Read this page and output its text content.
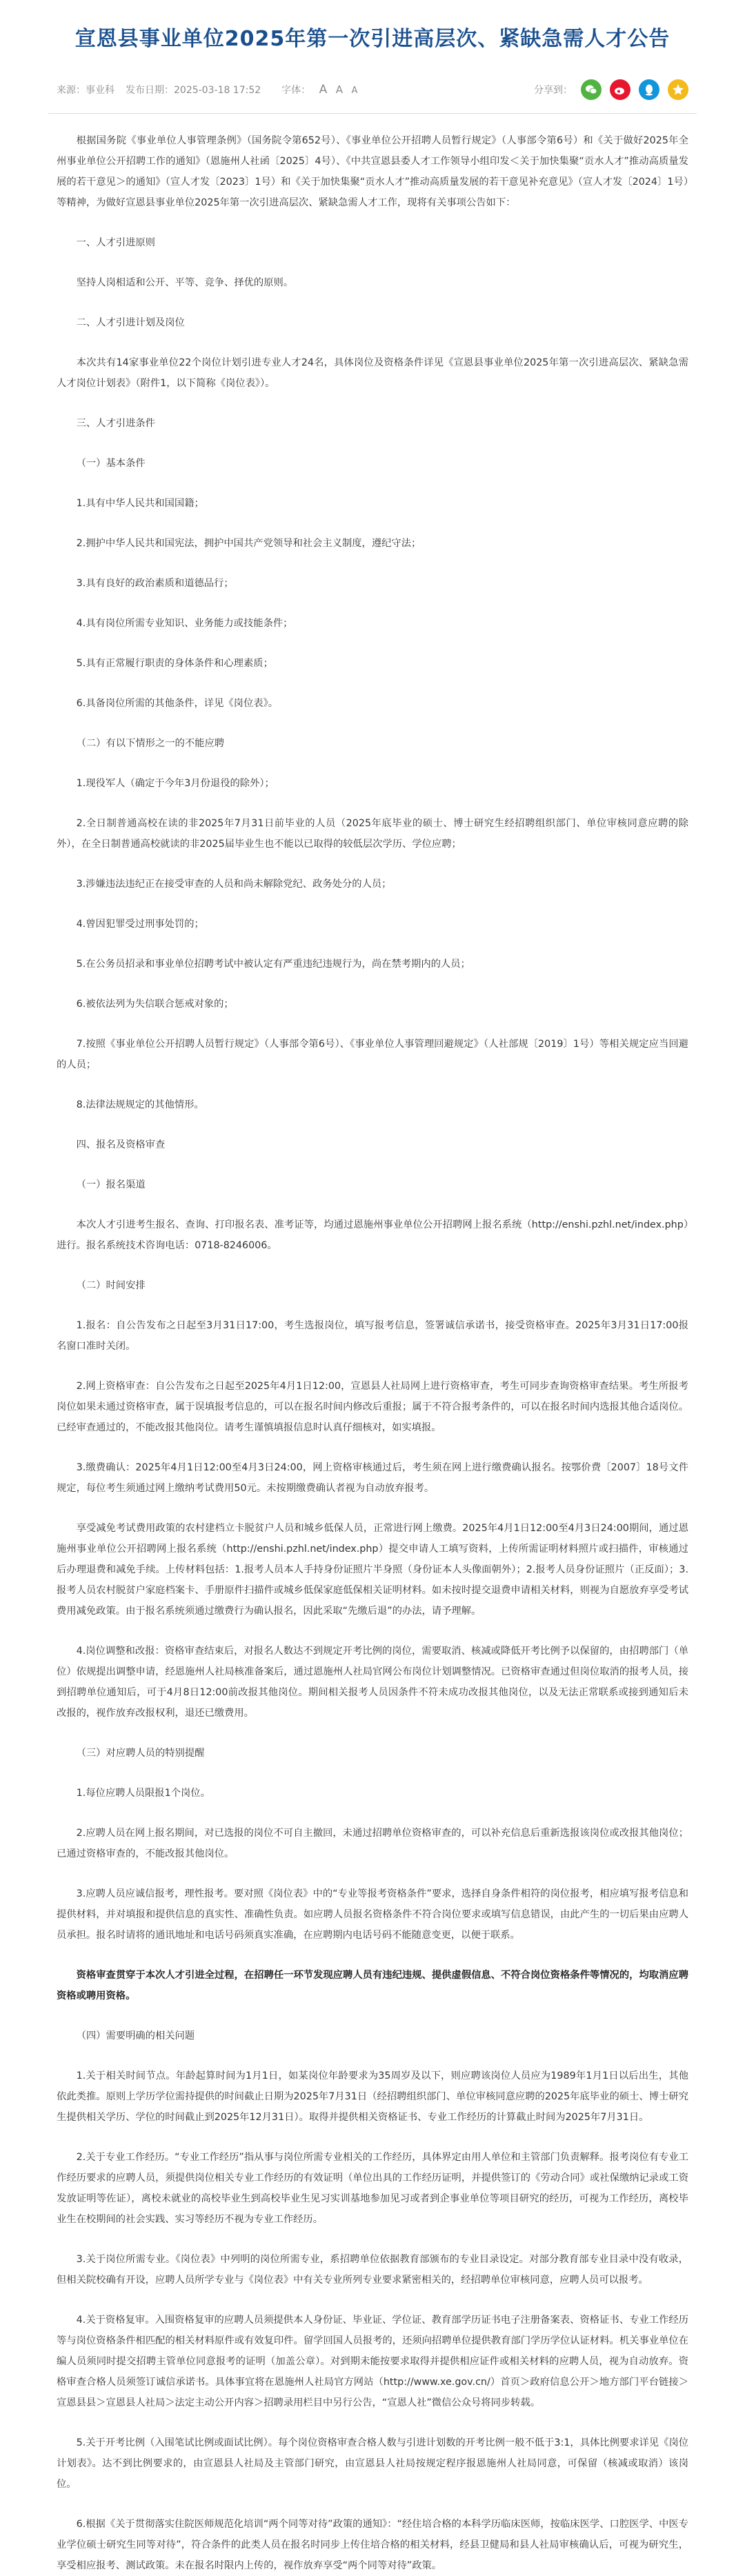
宣恩县事业单位2025年第一次引进高层次、紧缺急需人才公告
来源：事业科 发布日期：2025-03-18 17:52 字体： A A A	分享到：

根据国务院《事业单位人事管理条例》（国务院令第652号）、《事业单位公开招聘人员暂行规定》（人事部令第6号）和《关于做好2025年全州事业单位公开招聘工作的通知》（恩施州人社函〔2025〕4号）、《中共宣恩县委人才工作领导小组印发＜关于加快集聚“贡水人才”推动高质量发展的若干意见＞的通知》（宣人才发〔2023〕1号）和《关于加快集聚“贡水人才”推动高质量发展的若干意见补充意见》（宣人才发〔2024〕1号）等精神，为做好宣恩县事业单位2025年第一次引进高层次、紧缺急需人才工作，现将有关事项公告如下：

一、人才引进原则

坚持人岗相适和公开、平等、竞争、择优的原则。

二、人才引进计划及岗位

本次共有14家事业单位22个岗位计划引进专业人才24名，具体岗位及资格条件详见《宣恩县事业单位2025年第一次引进高层次、紧缺急需人才岗位计划表》（附件1，以下简称《岗位表》）。

三、人才引进条件

（一）基本条件

1.具有中华人民共和国国籍；

2.拥护中华人民共和国宪法，拥护中国共产党领导和社会主义制度，遵纪守法；

3.具有良好的政治素质和道德品行；

4.具有岗位所需专业知识、业务能力或技能条件；

5.具有正常履行职责的身体条件和心理素质；

6.具备岗位所需的其他条件，详见《岗位表》。

（二）有以下情形之一的不能应聘

1.现役军人（确定于今年3月份退役的除外）；

2.全日制普通高校在读的非2025年7月31日前毕业的人员（2025年底毕业的硕士、博士研究生经招聘组织部门、单位审核同意应聘的除外），在全日制普通高校就读的非2025届毕业生也不能以已取得的较低层次学历、学位应聘；

3.涉嫌违法违纪正在接受审查的人员和尚未解除党纪、政务处分的人员；

4.曾因犯罪受过刑事处罚的；

5.在公务员招录和事业单位招聘考试中被认定有严重违纪违规行为，尚在禁考期内的人员；

6.被依法列为失信联合惩戒对象的；

7.按照《事业单位公开招聘人员暂行规定》（人事部令第6号）、《事业单位人事管理回避规定》（人社部规〔2019〕1号）等相关规定应当回避的人员；

8.法律法规规定的其他情形。

四、报名及资格审查

（一）报名渠道

本次人才引进考生报名、查询、打印报名表、准考证等，均通过恩施州事业单位公开招聘网上报名系统（http://enshi.pzhl.net/index.php）进行。报名系统技术咨询电话：0718-8246006。

（二）时间安排

1.报名：自公告发布之日起至3月31日17:00，考生选报岗位，填写报考信息，签署诚信承诺书，接受资格审查。2025年3月31日17:00报名窗口准时关闭。

2.网上资格审查：自公告发布之日起至2025年4月1日12:00，宣恩县人社局网上进行资格审查，考生可同步查询资格审查结果。考生所报考岗位如果未通过资格审查，属于误填报考信息的，可以在报名时间内修改后重报；属于不符合报考条件的，可以在报名时间内选报其他合适岗位。已经审查通过的，不能改报其他岗位。请考生谨慎填报信息时认真仔细核对，如实填报。

3.缴费确认：2025年4月1日12:00至4月3日24:00，网上资格审核通过后，考生须在网上进行缴费确认报名。按鄂价费〔2007〕18号文件规定，每位考生须通过网上缴纳考试费用50元。未按期缴费确认者视为自动放弃报考。

享受减免考试费用政策的农村建档立卡脱贫户人员和城乡低保人员，正常进行网上缴费。2025年4月1日12:00至4月3日24:00期间，通过恩施州事业单位公开招聘网上报名系统（http://enshi.pzhl.net/index.php）提交申请人工填写资料，上传所需证明材料照片或扫描件，审核通过后办理退费和减免手续。上传材料包括：1.报考人员本人手持身份证照片半身照（身份证本人头像面朝外）；2.报考人员身份证照片（正反面）；3.报考人员农村脱贫户家庭档案卡、手册原件扫描件或城乡低保家庭低保相关证明材料。如未按时提交退费申请相关材料，则视为自愿放弃享受考试费用减免政策。由于报名系统须通过缴费行为确认报名，因此采取“先缴后退”的办法，请予理解。

4.岗位调整和改报：资格审查结束后，对报名人数达不到规定开考比例的岗位，需要取消、核减或降低开考比例予以保留的，由招聘部门（单位）依规提出调整申请，经恩施州人社局核准备案后，通过恩施州人社局官网公布岗位计划调整情况。已资格审查通过但岗位取消的报考人员，接到招聘单位通知后，可于4月8日12:00前改报其他岗位。期间相关报考人员因条件不符未成功改报其他岗位，以及无法正常联系或接到通知后未改报的，视作放弃改报权利，退还已缴费用。

（三）对应聘人员的特别提醒

1.每位应聘人员限报1个岗位。

2.应聘人员在网上报名期间，对已选报的岗位不可自主撤回，未通过招聘单位资格审查的，可以补充信息后重新选报该岗位或改报其他岗位；已通过资格审查的，不能改报其他岗位。

3.应聘人员应诚信报考，理性报考。要对照《岗位表》中的“专业等报考资格条件”要求，选择自身条件相符的岗位报考，相应填写报考信息和提供材料，并对填报和提供信息的真实性、准确性负责。如应聘人员报名资格条件不符合岗位要求或填写信息错误，由此产生的一切后果由应聘人员承担。报名时请将的通讯地址和电话号码须真实准确，在应聘期内电话号码不能随意变更，以便于联系。

资格审查贯穿于本次人才引进全过程，在招聘任一环节发现应聘人员有违纪违规、提供虚假信息、不符合岗位资格条件等情况的，均取消应聘资格或聘用资格。

（四）需要明确的相关问题

1.关于相关时间节点。年龄起算时间为1月1日，如某岗位年龄要求为35周岁及以下，则应聘该岗位人员应为1989年1月1日以后出生，其他依此类推。原则上学历学位需持提供的时间截止日期为2025年7月31日（经招聘组织部门、单位审核同意应聘的2025年底毕业的硕士、博士研究生提供相关学历、学位的时间截止到2025年12月31日）。取得并提供相关资格证书、专业工作经历的计算截止时间为2025年7月31日。

2.关于专业工作经历。“专业工作经历”指从事与岗位所需专业相关的工作经历，具体界定由用人单位和主管部门负责解释。报考岗位有专业工作经历要求的应聘人员，须提供岗位相关专业工作经历的有效证明（单位出具的工作经历证明，并提供签订的《劳动合同》或社保缴纳记录或工资发放证明等佐证），离校未就业的高校毕业生到高校毕业生见习实训基地参加见习或者到企事业单位等项目研究的经历，可视为工作经历，离校毕业生在校期间的社会实践、实习等经历不视为专业工作经历。

3.关于岗位所需专业。《岗位表》中列明的岗位所需专业，系招聘单位依据教育部颁布的专业目录设定。对部分教育部专业目录中没有收录，但相关院校确有开设，应聘人员所学专业与《岗位表》中有关专业所列专业要求紧密相关的，经招聘单位审核同意，应聘人员可以报考。

4.关于资格复审。入围资格复审的应聘人员须提供本人身份证、毕业证、学位证、教育部学历证书电子注册备案表、资格证书、专业工作经历等与岗位资格条件相匹配的相关材料原件或有效复印件。留学回国人员报考的，还须向招聘单位提供教育部门学历学位认证材料。机关事业单位在编人员须同时提交招聘主管单位同意报考的证明（加盖公章）。对到期未能按要求取得并提供相应证件或相关材料的应聘人员，视为自动放弃。资格审查合格人员须签订诚信承诺书。具体事宜将在恩施州人社局官方网站（http://www.xe.gov.cn/）首页＞政府信息公开＞地方部门平台链接＞宣恩县县＞宣恩县人社局＞法定主动公开内容＞招聘录用栏目中另行公告，“宣恩人社”微信公众号将同步转载。

5.关于开考比例（入围笔试比例或面试比例）。每个岗位资格审查合格人数与引进计划数的开考比例一般不低于3:1，具体比例要求详见《岗位计划表》。达不到比例要求的，由宣恩县人社局及主管部门研究，由宣恩县人社局按规定程序报恩施州人社局同意，可保留（核减或取消）该岗位。

6.根据《关于贯彻落实住院医师规范化培训“两个同等对待”政策的通知》：“经住培合格的本科学历临床医师，按临床医学、口腔医学、中医专业学位硕士研究生同等对待”，符合条件的此类人员在报名时同步上传住培合格的相关材料，经县卫健局和县人社局审核确认后，可视为研究生，享受相应报考、测试政策。未在报名时限内上传的，视作放弃享受“两个同等对待”政策。
